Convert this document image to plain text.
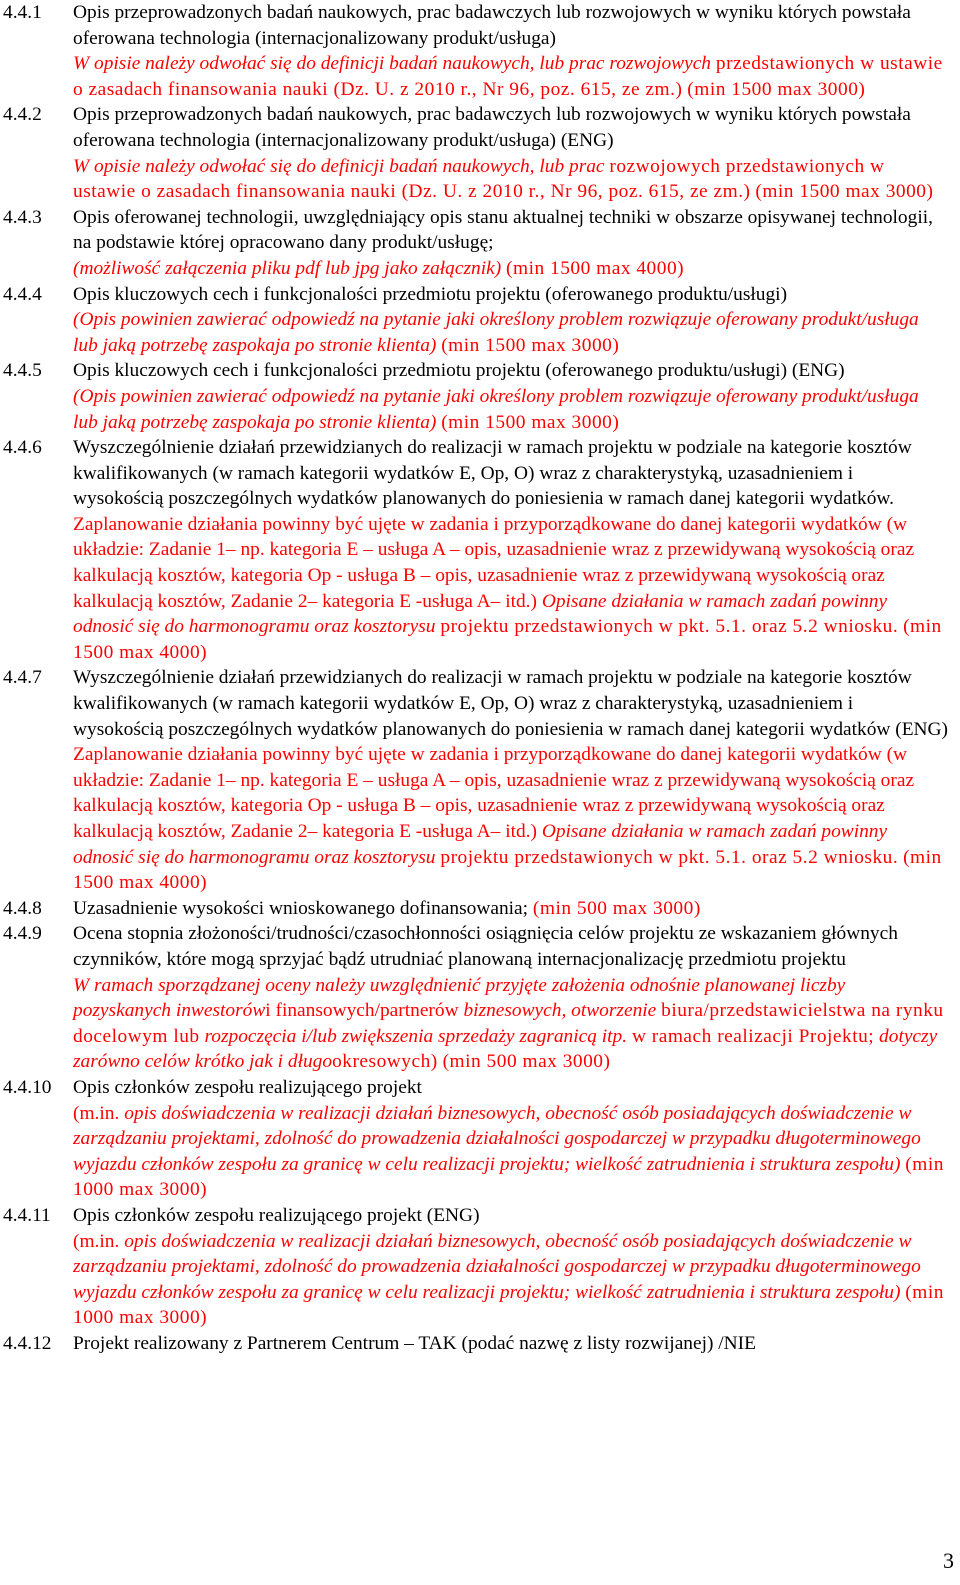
4.4.1	Opis przeprowadzonych badań naukowych, prac badawczych lub rozwojowych w wyniku których powstała oferowana technologia (internacjonalizowany produkt/usługa)
W opisie należy odwołać się do definicji badań naukowych, lub prac rozwojowych przedstawionych w ustawie o zasadach finansowania nauki (Dz. U. z 2010 r., Nr 96, poz. 615, ze zm.) (min 1500 max 3000)
4.4.2	Opis przeprowadzonych badań naukowych, prac badawczych lub rozwojowych w wyniku których powstała oferowana technologia (internacjonalizowany produkt/usługa) (ENG)
W opisie należy odwołać się do definicji badań naukowych, lub prac rozwojowych przedstawionych w ustawie o zasadach finansowania nauki (Dz. U. z 2010 r., Nr 96, poz. 615, ze zm.) (min 1500 max 3000)
4.4.3	Opis oferowanej technologii, uwzględniający opis stanu aktualnej techniki w obszarze opisywanej technologii, na podstawie której opracowano dany produkt/usługę;
(możliwość załączenia pliku pdf lub jpg jako załącznik) (min 1500 max 4000)
4.4.4	Opis kluczowych cech i funkcjonalości przedmiotu projektu (oferowanego produktu/usługi)
(Opis powinien zawierać odpowiedź na pytanie jaki określony problem rozwiązuje oferowany produkt/usługa lub jaką potrzebę zaspokaja po stronie klienta) (min 1500 max 3000)
4.4.5	Opis kluczowych cech i funkcjonalości przedmiotu projektu (oferowanego produktu/usługi) (ENG)
(Opis powinien zawierać odpowiedź na pytanie jaki określony problem rozwiązuje oferowany produkt/usługa lub jaką potrzebę zaspokaja po stronie klienta) (min 1500 max 3000)
4.4.6	Wyszczególnienie działań przewidzianych do realizacji w ramach projektu w podziale na kategorie kosztów kwalifikowanych (w ramach kategorii wydatków E, Op, O) wraz z charakterystyką, uzasadnieniem i wysokością poszczególnych wydatków planowanych do poniesienia w ramach danej kategorii wydatków.
Zaplanowanie działania powinny być ujęte w zadania i przyporządkowane do danej kategorii wydatków (w układzie: Zadanie 1– np. kategoria E – usługa A – opis, uzasadnienie wraz z przewidywaną wysokością oraz kalkulacją kosztów, kategoria Op - usługa B – opis, uzasadnienie wraz z przewidywaną wysokością oraz kalkulacją kosztów, Zadanie 2– kategoria E -usługa A– itd.) Opisane działania w ramach zadań powinny odnosić się do harmonogramu oraz kosztorysu projektu przedstawionych w pkt. 5.1. oraz 5.2 wniosku. (min 1500 max 4000)
4.4.7	Wyszczególnienie działań przewidzianych do realizacji w ramach projektu w podziale na kategorie kosztów kwalifikowanych (w ramach kategorii wydatków E, Op, O) wraz z charakterystyką, uzasadnieniem i wysokością poszczególnych wydatków planowanych do poniesienia w ramach danej kategorii wydatków (ENG)
Zaplanowanie działania powinny być ujęte w zadania i przyporządkowane do danej kategorii wydatków (w układzie: Zadanie 1– np. kategoria E – usługa A – opis, uzasadnienie wraz z przewidywaną wysokością oraz kalkulacją kosztów, kategoria Op - usługa B – opis, uzasadnienie wraz z przewidywaną wysokością oraz kalkulacją kosztów, Zadanie 2– kategoria E -usługa A– itd.) Opisane działania w ramach zadań powinny odnosić się do harmonogramu oraz kosztorysu projektu przedstawionych w pkt. 5.1. oraz 5.2 wniosku. (min 1500 max 4000)
4.4.8	Uzasadnienie wysokości wnioskowanego dofinansowania; (min 500 max 3000)
4.4.9	Ocena stopnia złożoności/trudności/czasochłonności osiągnięcia celów projektu ze wskazaniem głównych czynników, które mogą sprzyjać bądź utrudniać planowaną internacjonalizację przedmiotu projektu
W ramach sporządzanej oceny należy uwzględnienić przyjęte założenia odnośnie planowanej liczby pozyskanych inwestorówi finansowych/partnerów biznesowych, otworzenie biura/przedstawicielstwa na rynku docelowym lub rozpoczęcia i/lub zwiększenia sprzedaży zagranicą itp. w ramach realizacji Projektu; dotyczy zarówno celów krótko jak i długookresowych) (min 500 max 3000)
4.4.10	Opis członków zespołu realizującego projekt
(m.in. opis doświadczenia w realizacji działań biznesowych, obecność osób posiadających doświadczenie w zarządzaniu projektami, zdolność do prowadzenia działalności gospodarczej w przypadku długoterminowego wyjazdu członków zespołu za granicę w celu realizacji projektu; wielkość zatrudnienia i struktura zespołu) (min 1000 max 3000)
4.4.11	Opis członków zespołu realizującego projekt (ENG)
(m.in. opis doświadczenia w realizacji działań biznesowych, obecność osób posiadających doświadczenie w zarządzaniu projektami, zdolność do prowadzenia działalności gospodarczej w przypadku długoterminowego wyjazdu członków zespołu za granicę w celu realizacji projektu; wielkość zatrudnienia i struktura zespołu) (min 1000 max 3000)
4.4.12	Projekt realizowany z Partnerem Centrum – TAK (podać nazwę z listy rozwijanej) /NIE
3
